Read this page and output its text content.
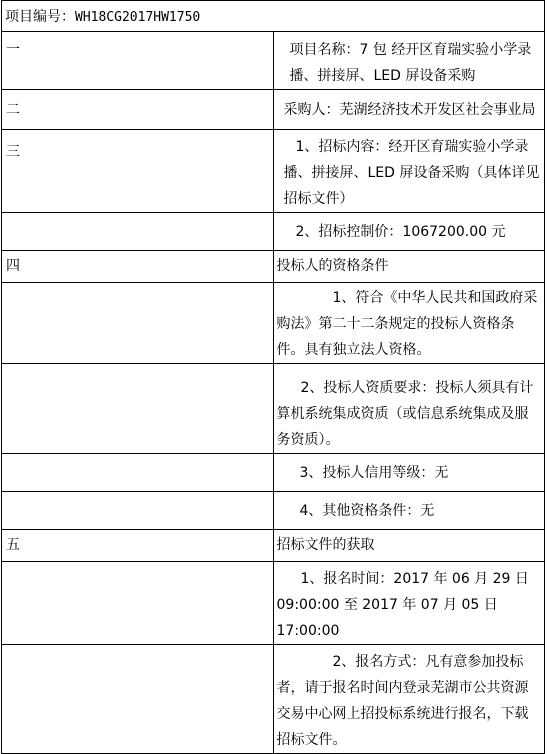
项目编号：WH18CG2017HW1750	
一	项目名称：7 包 经开区育瑞实验小学录播、拼接屏、LED 屏设备采购
二	采购人：芜湖经济技术开发区社会事业局
三	1、招标内容：经开区育瑞实验小学录播、拼接屏、LED 屏设备采购（具体详见招标文件）
	2、招标控制价：1067200.00 元
四	投标人的资格条件
	1、符合《中华人民共和国政府采购法》第二十二条规定的投标人资格条件。具有独立法人资格。
	2、投标人资质要求：投标人须具有计算机系统集成资质（或信息系统集成及服务资质）。
	3、投标人信用等级：无
	4、其他资格条件：无
五	招标文件的获取
	1、报名时间：2017 年 06 月 29 日 09:00:00 至 2017 年 07 月 05 日 17:00:00
	2、报名方式：凡有意参加投标者，请于报名时间内登录芜湖市公共资源交易中心网上招投标系统进行报名，下载招标文件。
